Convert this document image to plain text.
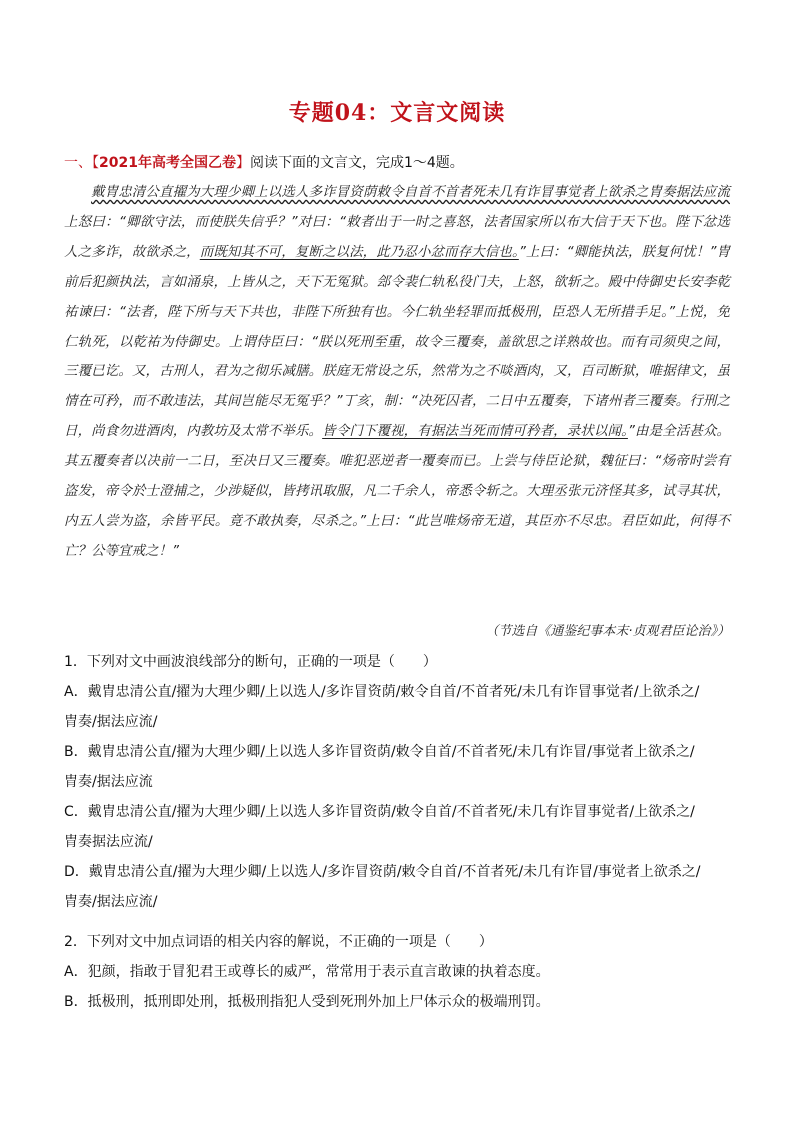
专题04：文言文阅读
一、【2021年高考全国乙卷】阅读下面的文言文，完成1～4题。
戴胄忠清公直擢为大理少卿上以选人多诈冒资荫敕令自首不首者死未几有诈冒事觉者上欲杀之胄奏据法应流上怒曰：“卿欲守法，而使朕失信乎？”对曰：“敕者出于一时之喜怒，法者国家所以布大信于天下也。陛下忿选人之多诈，故欲杀之，而既知其不可，复断之以法，此乃忍小忿而存大信也。”上曰：“卿能执法，朕复何忧！”胄前后犯颜执法，言如涌泉，上皆从之，天下无冤狱。郐令裴仁轨私役门夫，上怒，欲斩之。殿中侍御史长安李乾祐谏曰：“法者，陛下所与天下共也，非陛下所独有也。今仁轨坐轻罪而抵极刑，臣恐人无所措手足。”上悦，免仁轨死，以乾祐为侍御史。上谓侍臣曰：“朕以死刑至重，故令三覆奏，盖欲思之详熟故也。而有司须臾之间，三覆已讫。又，古刑人，君为之彻乐减膳。朕庭无常设之乐，然常为之不啖酒肉，又，百司断狱，唯据律文，虽情在可矜，而不敢违法，其间岂能尽无冤乎？”丁亥，制：“决死囚者，二日中五覆奏，下诸州者三覆奏。行刑之日，尚食勿进酒肉，内教坊及太常不举乐。皆令门下覆视，有据法当死而情可矜者，录状以闻。”由是全活甚众。其五覆奏者以决前一二日，至决日又三覆奏。唯犯恶逆者一覆奏而已。上尝与侍臣论狱，魏征曰：“炀帝时尝有盗发，帝令於士澄捕之，少涉疑似，皆拷讯取服，凡二千余人，帝悉令斩之。大理丞张元济怪其多，试寻其状，内五人尝为盗，余皆平民。竟不敢执奏，尽杀之。”上曰：“此岂唯炀帝无道，其臣亦不尽忠。君臣如此，何得不亡？公等宜戒之！”
（节选自《通鉴纪事本末·贞观君臣论治》）
1．下列对文中画波浪线部分的断句，正确的一项是（　　）
A．戴胄忠清公直/擢为大理少卿/上以选人/多诈冒资荫/敕令自首/不首者死/未几有诈冒事觉者/上欲杀之/
胄奏/据法应流/
B．戴胄忠清公直/擢为大理少卿/上以选人多诈冒资荫/敕令自首/不首者死/未几有诈冒/事觉者上欲杀之/
胄奏/据法应流
C．戴胄忠清公直/擢为大理少卿/上以选人多诈冒资荫/敕令自首/不首者死/未几有诈冒事觉者/上欲杀之/
胄奏据法应流/
D．戴胄忠清公直/擢为大理少卿/上以选人/多诈冒资荫/敕令自首/不首者死/未几有诈冒/事觉者上欲杀之/
胄奏/据法应流/
2．下列对文中加点词语的相关内容的解说，不正确的一项是（　　）
A．犯颜，指敢于冒犯君王或尊长的威严，常常用于表示直言敢谏的执着态度。
B．抵极刑，抵刑即处刑，抵极刑指犯人受到死刑外加上尸体示众的极端刑罚。
